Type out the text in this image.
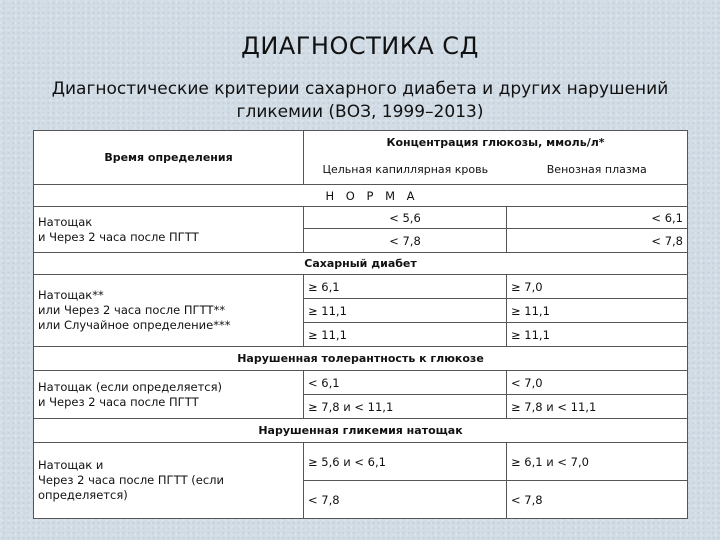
ДИАГНОСТИКА СД
Диагностические критерии сахарного диабета и других нарушений
гликемии (ВОЗ, 1999–2013)
Время определения	Концентрация глюкозы, ммоль/л*	
	Цельная капиллярная кровь	Венозная плазма
	Н О Р М А	

Натощак
и Через 2 часа после ПГТТ	< 5,6	< 6,1
	< 7,8	< 7,8
Сахарный диабет		

Натощак**
или Через 2 часа после ПГТТ**
или Случайное определение***	≥ 6,1	≥ 7,0
	≥ 11,1	≥ 11,1
	≥ 11,1	≥ 11,1
Нарушенная толерантность к глюкозе		

Натощак (если определяется)
и Через 2 часа после ПГТТ	< 6,1	< 7,0
	≥ 7,8 и < 11,1	≥ 7,8 и < 11,1
Нарушенная гликемия натощак		

Натощак и
Через 2 часа после ПГТТ (если
определяется)	≥ 5,6 и < 6,1	≥ 6,1 и < 7,0
	< 7,8	< 7,8
